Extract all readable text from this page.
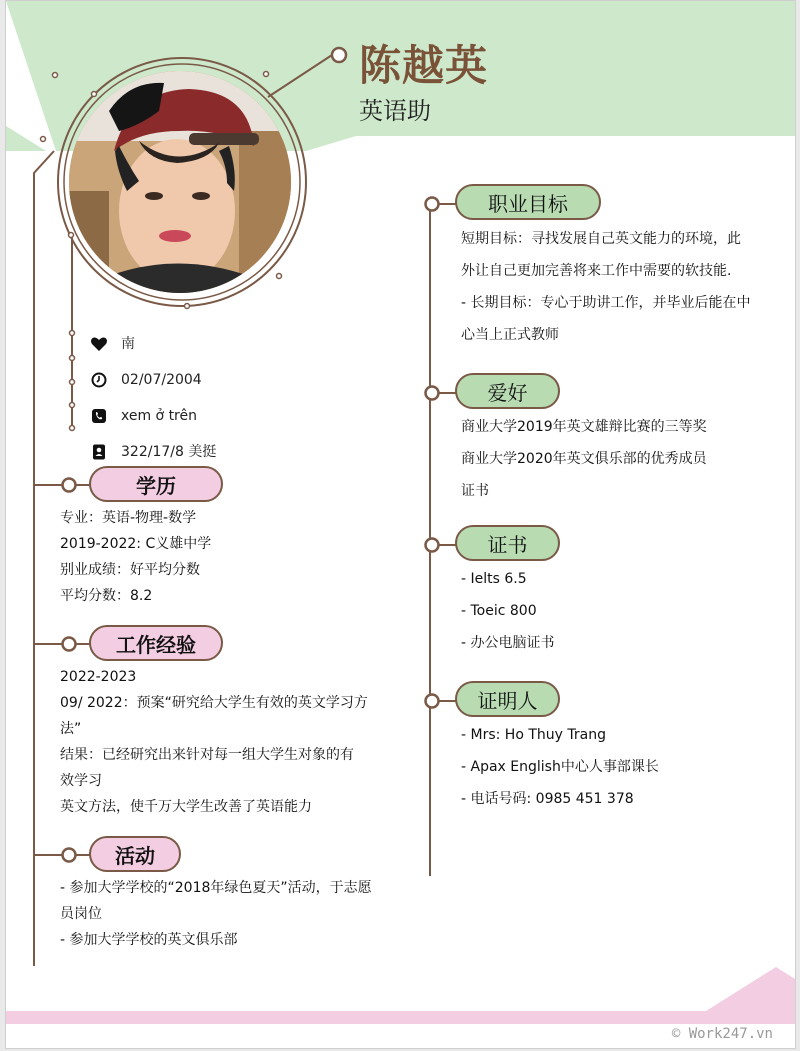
陈越英
英语助
南
02/07/2004
xem ở trên
322/17/8 美挺
学历
专业：英语-物理-数学
2019-2022: C义雄中学
别业成绩：好平均分数
平均分数：8.2
工作经验
2022-2023
09/ 2022：预案“研究给大学生有效的英文学习方
法”
结果：已经研究出来针对每一组大学生对象的有
效学习
英文方法，使千万大学生改善了英语能力
活动
- 参加大学学校的“2018年绿色夏天”活动，于志愿
员岗位
- 参加大学学校的英文俱乐部
职业目标
短期目标：寻找发展自己英文能力的环境，此
外让自己更加完善将来工作中需要的软技能.
- 长期目标：专心于助讲工作，并毕业后能在中
心当上正式教师
爱好
商业大学2019年英文雄辩比赛的三等奖
商业大学2020年英文俱乐部的优秀成员
证书
证书
- Ielts 6.5
- Toeic 800
- 办公电脑证书
证明人
- Mrs: Ho Thuy Trang
- Apax English中心人事部课长
- 电话号码: 0985 451 378
© Work247.vn
